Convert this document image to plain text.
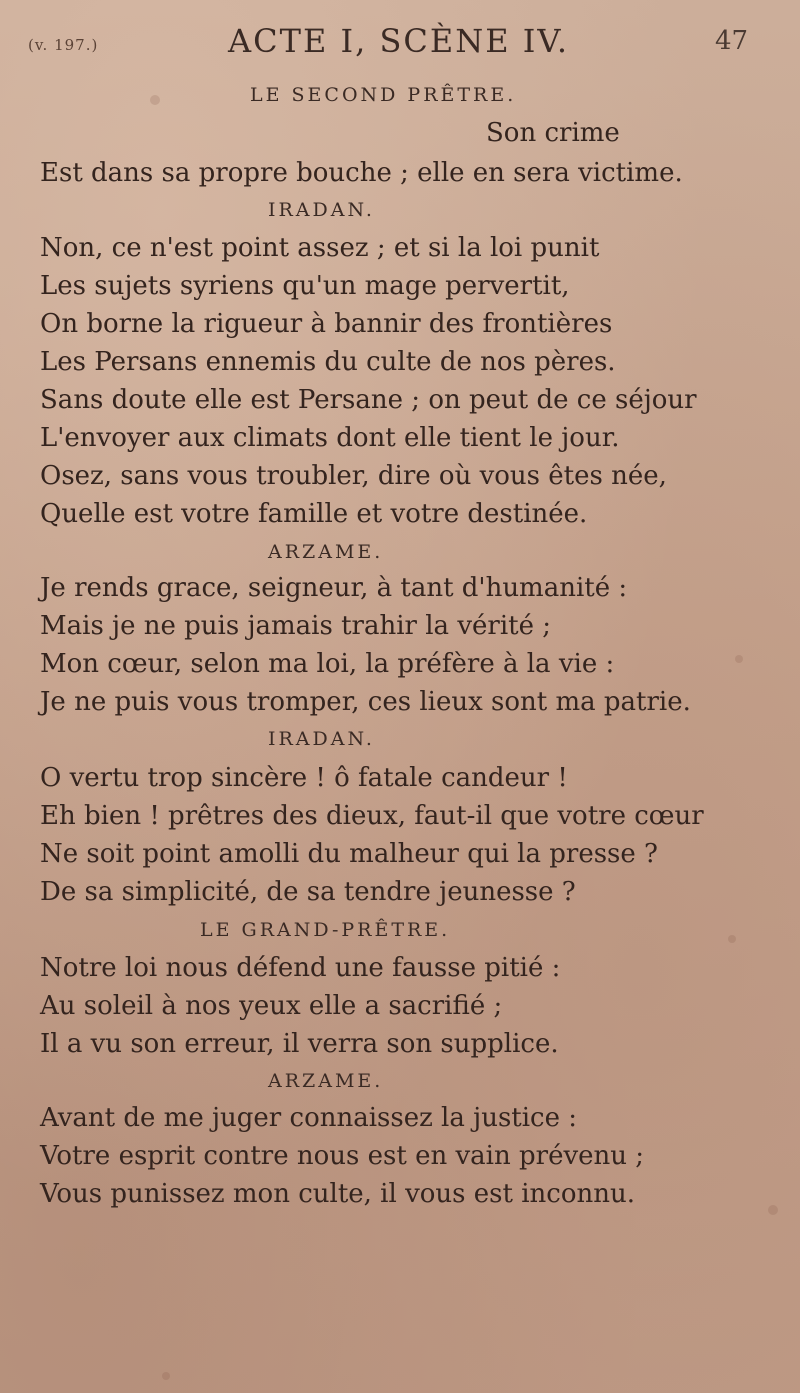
(v. 197.)	ACTE I, SCÈNE IV.	47
LE SECOND PRÊTRE.
Son crime
Est dans sa propre bouche ; elle en sera victime.
IRADAN.
Non, ce n'est point assez ; et si la loi punit
Les sujets syriens qu'un mage pervertit,
On borne la rigueur à bannir des frontières
Les Persans ennemis du culte de nos pères.
Sans doute elle est Persane ; on peut de ce séjour
L'envoyer aux climats dont elle tient le jour.
Osez, sans vous troubler, dire où vous êtes née,
Quelle est votre famille et votre destinée.
ARZAME.
Je rends grace, seigneur, à tant d'humanité :
Mais je ne puis jamais trahir la vérité ;
Mon cœur, selon ma loi, la préfère à la vie :
Je ne puis vous tromper, ces lieux sont ma patrie.
IRADAN.
O vertu trop sincère ! ô fatale candeur !
Eh bien ! prêtres des dieux, faut-il que votre cœur
Ne soit point amolli du malheur qui la presse ?
De sa simplicité, de sa tendre jeunesse ?
LE GRAND-PRÊTRE.
Notre loi nous défend une fausse pitié :
Au soleil à nos yeux elle a sacrifié ;
Il a vu son erreur, il verra son supplice.
ARZAME.
Avant de me juger connaissez la justice :
Votre esprit contre nous est en vain prévenu ;
Vous punissez mon culte, il vous est inconnu.
